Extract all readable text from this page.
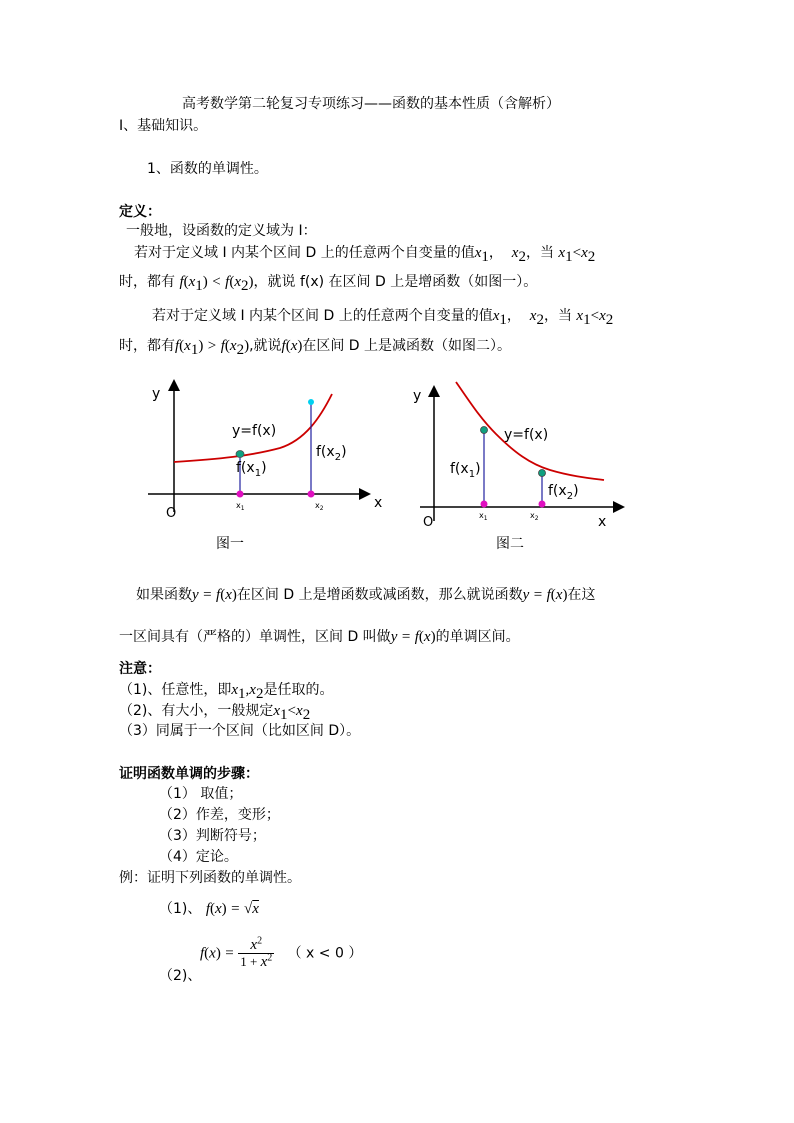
高考数学第二轮复习专项练习——函数的基本性质（含解析）
I、基础知识。
1、函数的单调性。
定义：
一般地，设函数的定义域为 I：
若对于定义域 I 内某个区间 D 上的任意两个自变量的值$x_1$， $x_2$，当 $x_1<x_2$
时，都有 $f(x_1) < f(x_2)$，就说 f(x) 在区间 D 上是增函数（如图一）。
若对于定义域 I 内某个区间 D 上的任意两个自变量的值$x_1$， $x_2$，当 $x_1<x_2$
时，都有$f(x_1) > f(x_2)$,就说f(x)在区间 D 上是减函数（如图二）。
y
x
O
y=f(x)
$f(x_1)$
$f(x_2)$
$x_1$	$x_2$
图一
y
x
O
y=f(x)
$f(x_1)$
$f(x_2)$
$x_1$	$x_2$
图二
如果函数y = f(x)在区间 D 上是增函数或减函数，那么就说函数y = f(x)在这
一区间具有（严格的）单调性，区间 D 叫做y = f(x)的单调区间。
注意：
（1)、任意性，即$x_1,x_2$是任取的。
（2)、有大小，一般规定$x_1<x_2$
（3）同属于一个区间（比如区间 D）。
证明函数单调的步骤：
（1） 取值；
（2）作差，变形；
（3）判断符号；
（4）定论。
例：证明下列函数的单调性。
（1)、 f(x) = √x
$f(x) = \frac{x^2}{1 + x^2}$ （ x < 0 ）
（2)、
